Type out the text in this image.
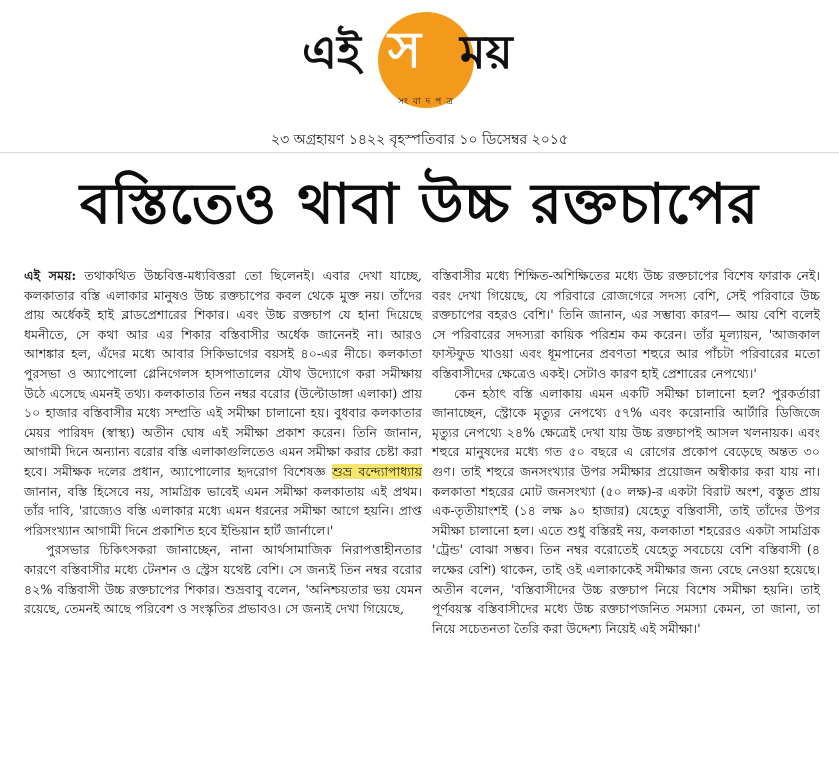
এই স ময়
সংবাদপত্র
২৩ অগ্রহায়ণ ১৪২২ বৃহস্পতিবার ১০ ডিসেম্বর ২০১৫
বস্তিতেও থাবা উচ্চ রক্তচাপের

এই সময়: তথাকথিত উচ্চবিত্ত-মধ্যবিত্তরা তো ছিলেনই। এবার দেখা যাচ্ছে, কলকাতার বস্তি এলাকার মানুষও উচ্চ রক্তচাপের কবল থেকে মুক্ত নয়। তাঁদের প্রায় অর্ধেকই হাই ব্লাডপ্রেশারের শিকার। এবং উচ্চ রক্তচাপ যে হানা দিয়েছে ধমনীতে, সে কথা আর এর শিকার বস্তিবাসীর অর্ধেক জানেনই না। আরও আশঙ্কার হল, এঁদের মধ্যে আবার সিকিভাগের বয়সই ৪০-এর নীচে। কলকাতা পুরসভা ও অ্যাপোলো গ্লেনিগেলস হাসপাতালের যৌথ উদ্যোগে করা সমীক্ষায় উঠে এসেছে এমনই তথ্য। কলকাতার তিন নম্বর বরোর (উল্টোডাঙ্গা এলাকা) প্রায় ১০ হাজার বস্তিবাসীর মধ্যে সম্প্রতি এই সমীক্ষা চালানো হয়। বুধবার কলকাতার মেয়র পারিষদ (স্বাস্থ্য) অতীন ঘোষ এই সমীক্ষা প্রকাশ করেন। তিনি জানান, আগামী দিনে অন্যান্য বরোর বস্তি এলাকাগুলিতেও এমন সমীক্ষা করার চেষ্টা করা হবে। সমীক্ষক দলের প্রধান, অ্যাপোলোর হৃদরোগ বিশেষজ্ঞ শুভ্র বন্দ্যোপাধ্যায় জানান, বস্তি হিসেবে নয়, সামগ্রিক ভাবেই এমন সমীক্ষা কলকাতায় এই প্রথম। তাঁর দাবি, 'রাজ্যেও বস্তি এলাকার মধ্যে এমন ধরনের সমীক্ষা আগে হয়নি। প্রাপ্ত পরিসংখ্যান আগামী দিনে প্রকাশিত হবে ইন্ডিয়ান হার্ট জার্নালে।'

পুরসভার চিকিৎসকরা জানাচ্ছেন, নানা আর্থসামাজিক নিরাপত্তাহীনতার কারণে বস্তিবাসীর মধ্যে টেনশন ও স্ট্রেস যথেষ্ট বেশি। সে জন্যই তিন নম্বর বরোর ৪২% বস্তিবাসী উচ্চ রক্তচাপের শিকার। শুভ্রবাবু বলেন, 'অনিশ্চয়তার ভয় যেমন রয়েছে, তেমনই আছে পরিবেশ ও সংস্কৃতির প্রভাবও। সে জন্যই দেখা গিয়েছে,

বস্তিবাসীর মধ্যে শিক্ষিত-অশিক্ষিতের মধ্যে উচ্চ রক্তচাপের বিশেষ ফারাক নেই। বরং দেখা গিয়েছে, যে পরিবারে রোজগেরে সদস্য বেশি, সেই পরিবারে উচ্চ রক্তচাপের বহরও বেশি।' তিনি জানান, এর সম্ভাব্য কারণ— আয় বেশি বলেই সে পরিবারের সদস্যরা কায়িক পরিশ্রম কম করেন। তাঁর মূল্যায়ন, 'আজকাল ফাস্টফুড খাওয়া এবং ধূমপানের প্রবণতা শহুরে আর পাঁচটা পরিবারের মতো বস্তিবাসীদের ক্ষেত্রেও একই। সেটাও কারণ হাই প্রেশারের নেপথ্যে।'

কেন হঠাৎ বস্তি এলাকায় এমন একটি সমীক্ষা চালানো হল? পুরকর্তারা জানাচ্ছেন, স্ট্রোকে মৃত্যুর নেপথ্যে ৫৭% এবং করোনারি আর্টারি ডিজিজে মৃত্যুর নেপথ্যে ২৪% ক্ষেত্রেই দেখা যায় উচ্চ রক্তচাপই আসল খলনায়ক। এবং শহুরে মানুষদের মধ্যে গত ৫০ বছরে এ রোগের প্রকোপ বেড়েছে অন্তত ৩০ গুণ। তাই শহুরে জনসংখ্যার উপর সমীক্ষার প্রয়োজন অস্বীকার করা যায় না। কলকাতা শহরের মোট জনসংখ্যা (৫০ লক্ষ)-র একটা বিরাট অংশ, বস্তুত প্রায় এক-তৃতীয়াংশই (১৪ লক্ষ ৯০ হাজার) যেহেতু বস্তিবাসী, তাই তাঁদের উপর সমীক্ষা চালানো হল। এতে শুধু বস্তিরই নয়, কলকাতা শহরেরও একটা সামগ্রিক 'ট্রেন্ড' বোঝা সম্ভব। তিন নম্বর বরোতেই যেহেতু সবচেয়ে বেশি বস্তিবাসী (৪ লক্ষের বেশি) থাকেন, তাই ওই এলাকাকেই সমীক্ষার জন্য বেছে নেওয়া হয়েছে। অতীন বলেন, 'বস্তিবাসীদের উচ্চ রক্তচাপ নিয়ে বিশেষ সমীক্ষা হয়নি। তাই পূর্ণবয়স্ক বস্তিবাসীদের মধ্যে উচ্চ রক্তচাপজনিত সমস্যা কেমন, তা জানা, তা নিয়ে সচেতনতা তৈরি করা উদ্দেশ্য নিয়েই এই সমীক্ষা।'
